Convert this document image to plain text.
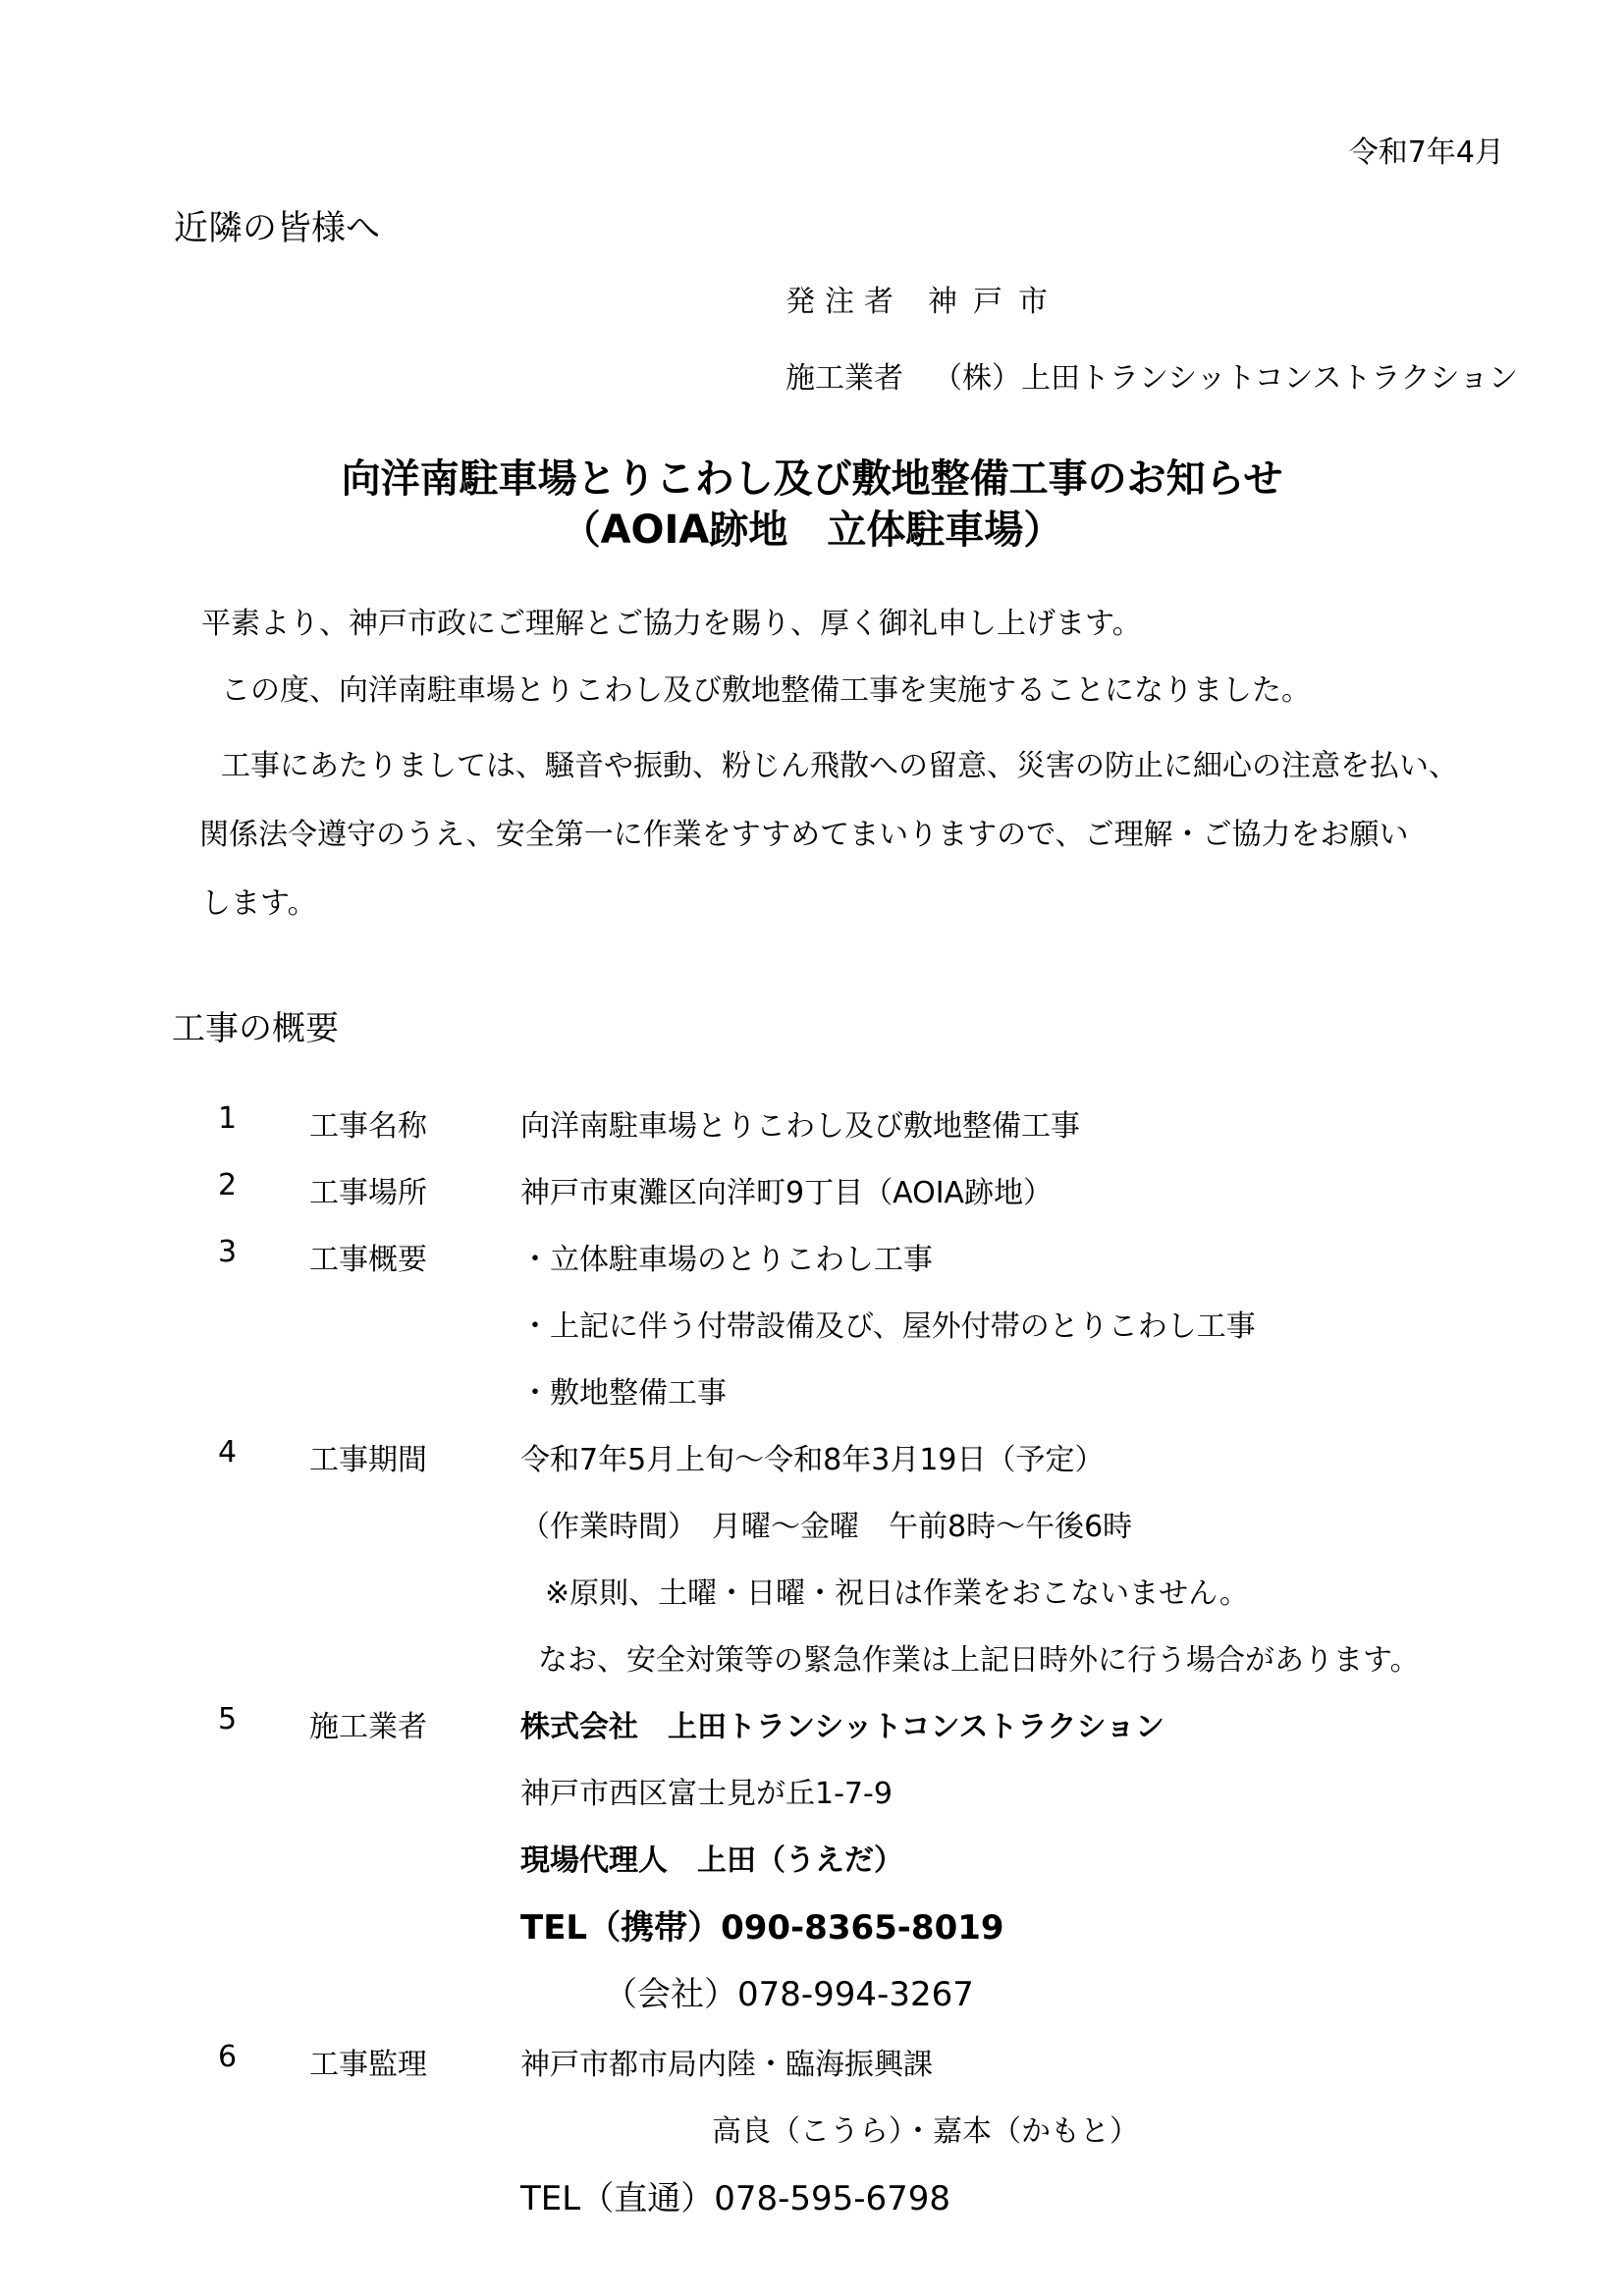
令和7年4月
近隣の皆様へ
発注者 神戸市
施工業者 （株）上田トランシットコンストラクション
向洋南駐車場とりこわし及び敷地整備工事のお知らせ
（AOIA跡地　立体駐車場）
平素より、神戸市政にご理解とご協力を賜り、厚く御礼申し上げます。
この度、向洋南駐車場とりこわし及び敷地整備工事を実施することになりました。
工事にあたりましては、騒音や振動、粉じん飛散への留意、災害の防止に細心の注意を払い、
関係法令遵守のうえ、安全第一に作業をすすめてまいりますので、ご理解・ご協力をお願い
します。
工事の概要
1 工事名称	向洋南駐車場とりこわし及び敷地整備工事
2 工事場所	神戸市東灘区向洋町9丁目（AOIA跡地）
3 工事概要	・立体駐車場のとりこわし工事
・上記に伴う付帯設備及び、屋外付帯のとりこわし工事
・敷地整備工事
4 工事期間	令和7年5月上旬～令和8年3月19日（予定）
（作業時間）　月曜～金曜　午前8時～午後6時
※原則、土曜・日曜・祝日は作業をおこないません。
なお、安全対策等の緊急作業は上記日時外に行う場合があります。
5 施工業者	株式会社　上田トランシットコンストラクション
神戸市西区富士見が丘1-7-9
現場代理人　上田（うえだ）
TEL（携帯）090-8365-8019
（会社）078-994-3267
6 工事監理	神戸市都市局内陸・臨海振興課
高良（こうら）・嘉本（かもと）
TEL（直通）078-595-6798
